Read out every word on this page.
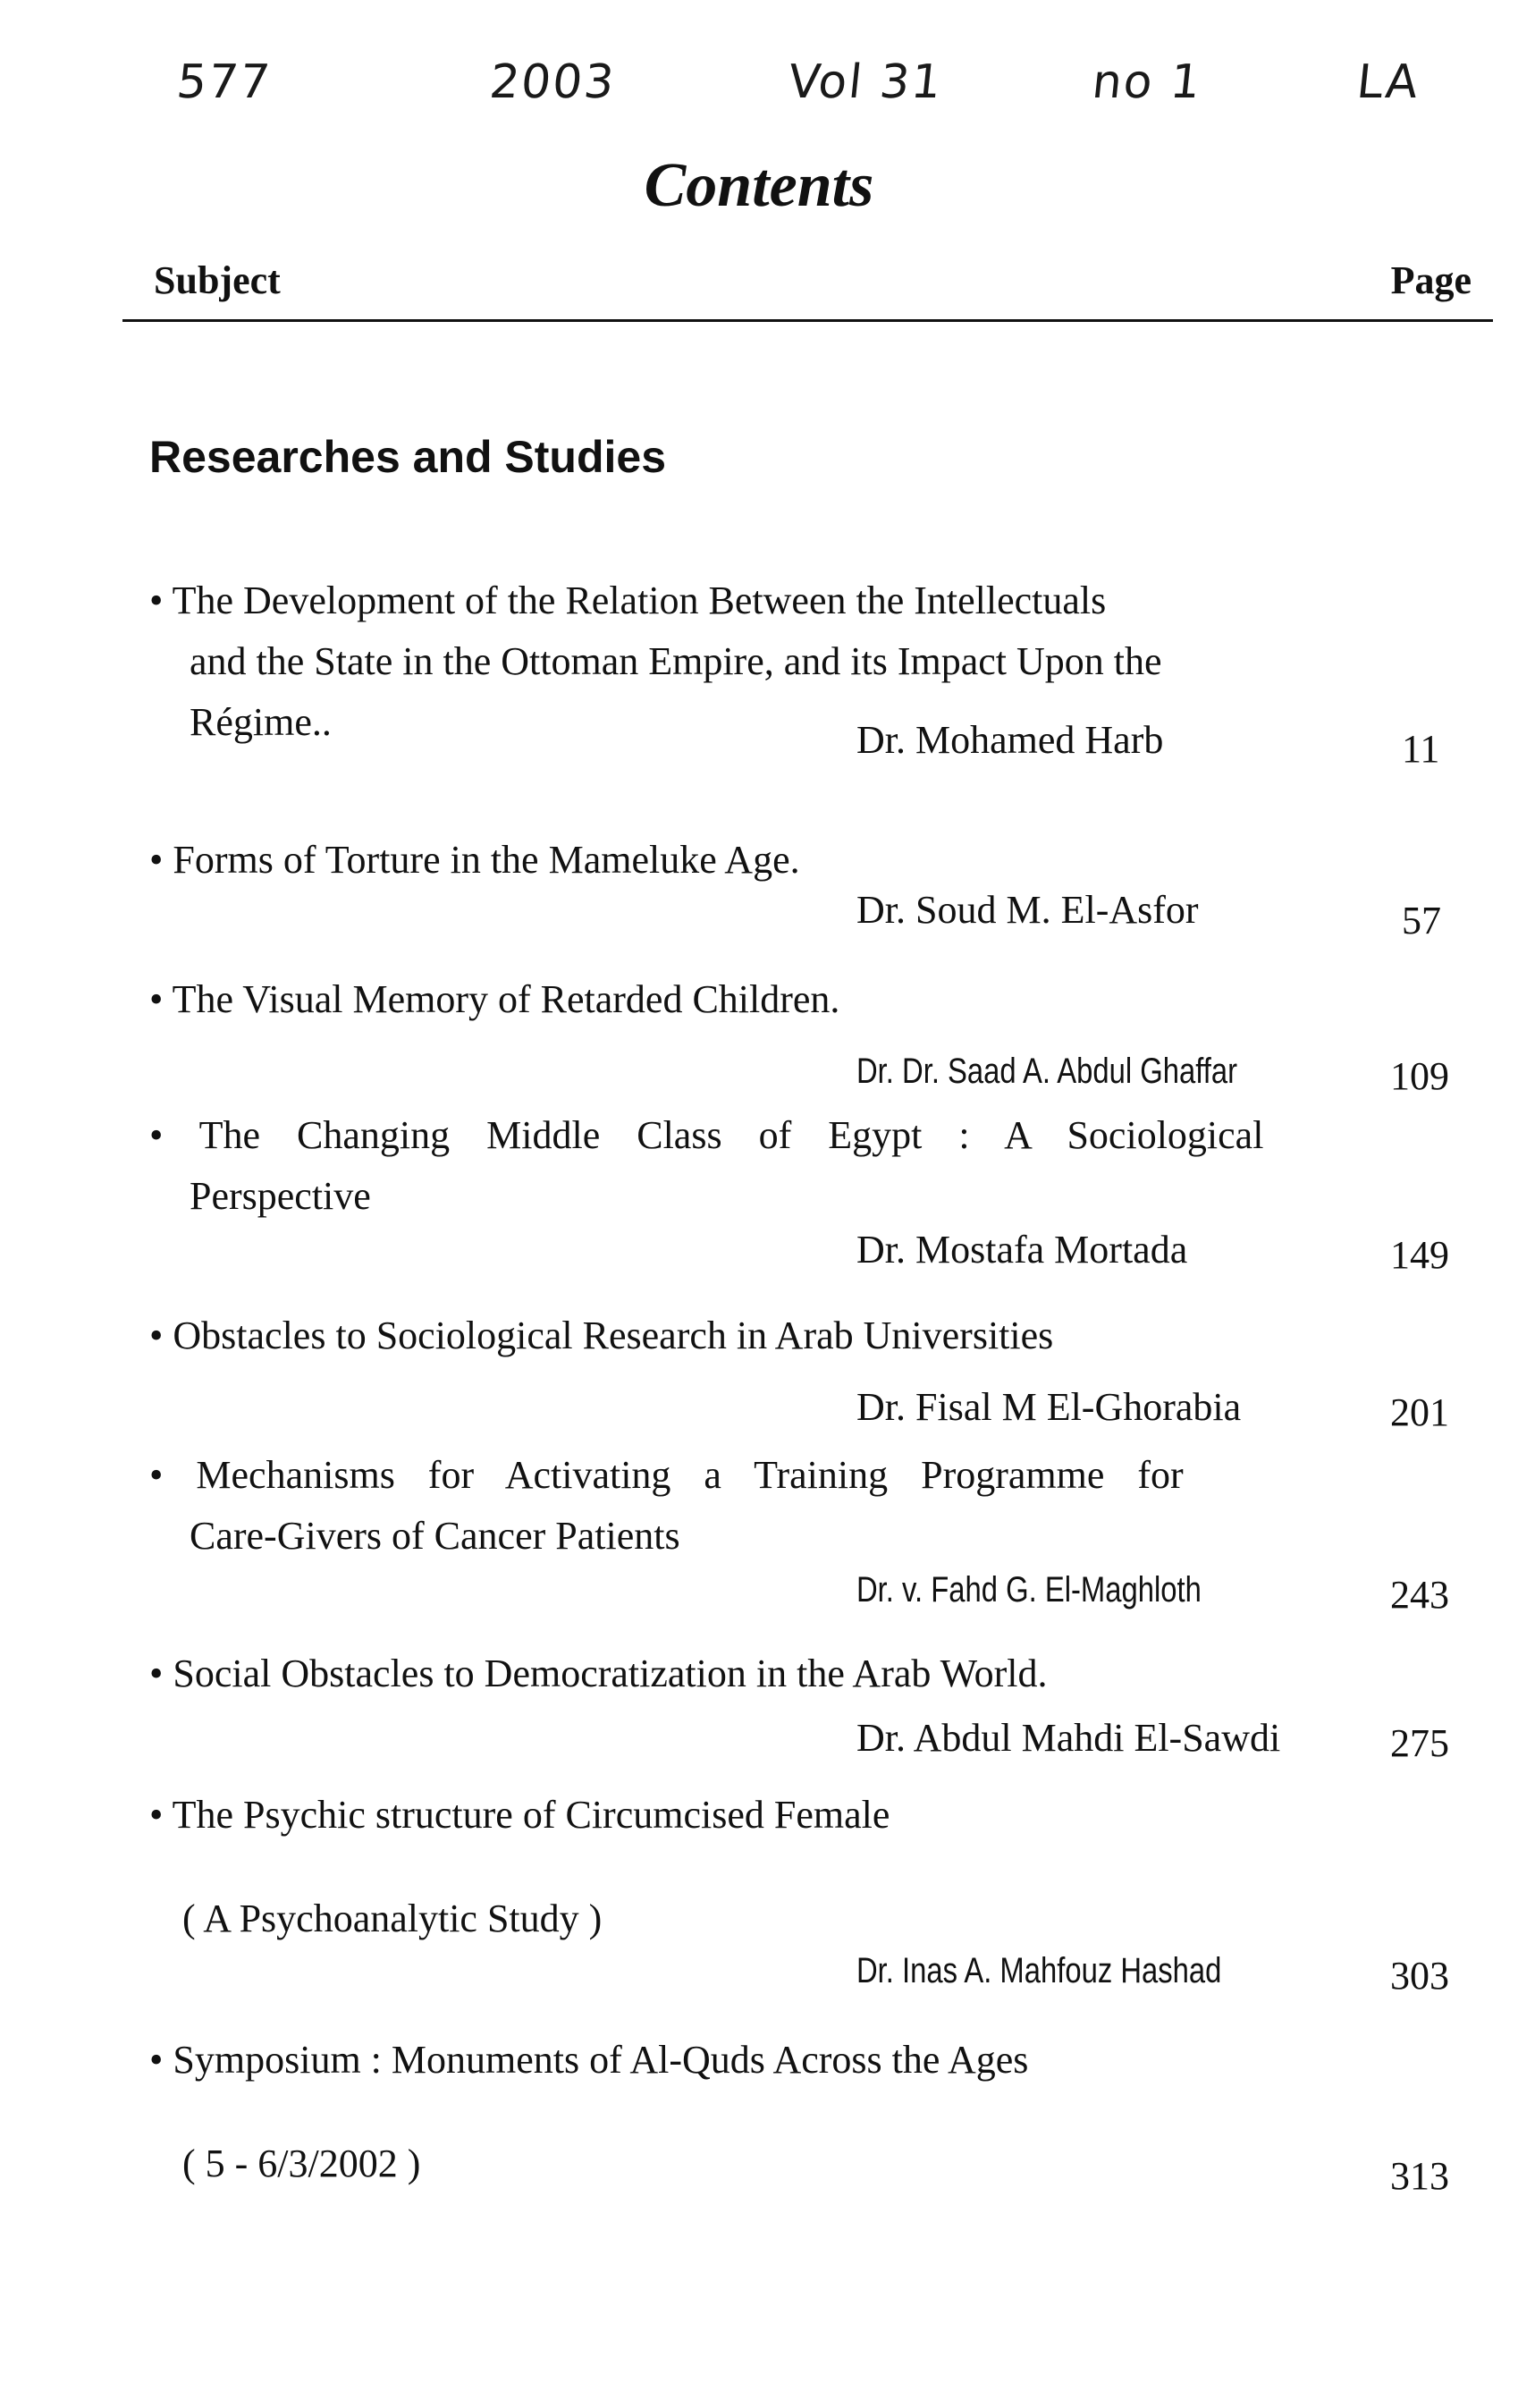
577	2003	Vol 31	no 1	LA
Contents
Subject	Page
Researches and Studies
• The Development of the Relation Between the Intellectuals
and the State in the Ottoman Empire, and its Impact Upon the
Régime..	Dr. Mohamed Harb	11
• Forms of Torture in the Mameluke Age.
Dr. Soud M. El-Asfor	57
• The Visual Memory of Retarded Children.
Dr. Dr. Saad A. Abdul Ghaffar	109
• The Changing Middle Class of Egypt : A Sociological
Perspective
Dr. Mostafa Mortada	149
• Obstacles to Sociological Research in Arab Universities
Dr. Fisal M El-Ghorabia	201
• Mechanisms for Activating a Training Programme for
Care-Givers of Cancer Patients
Dr. v. Fahd G. El-Maghloth	243
• Social Obstacles to Democratization in the Arab World.
Dr. Abdul Mahdi El-Sawdi	275
• The Psychic structure of Circumcised Female
( A Psychoanalytic Study )
Dr. Inas A. Mahfouz Hashad	303
• Symposium : Monuments of Al-Quds Across the Ages
( 5 - 6/3/2002 )	313
